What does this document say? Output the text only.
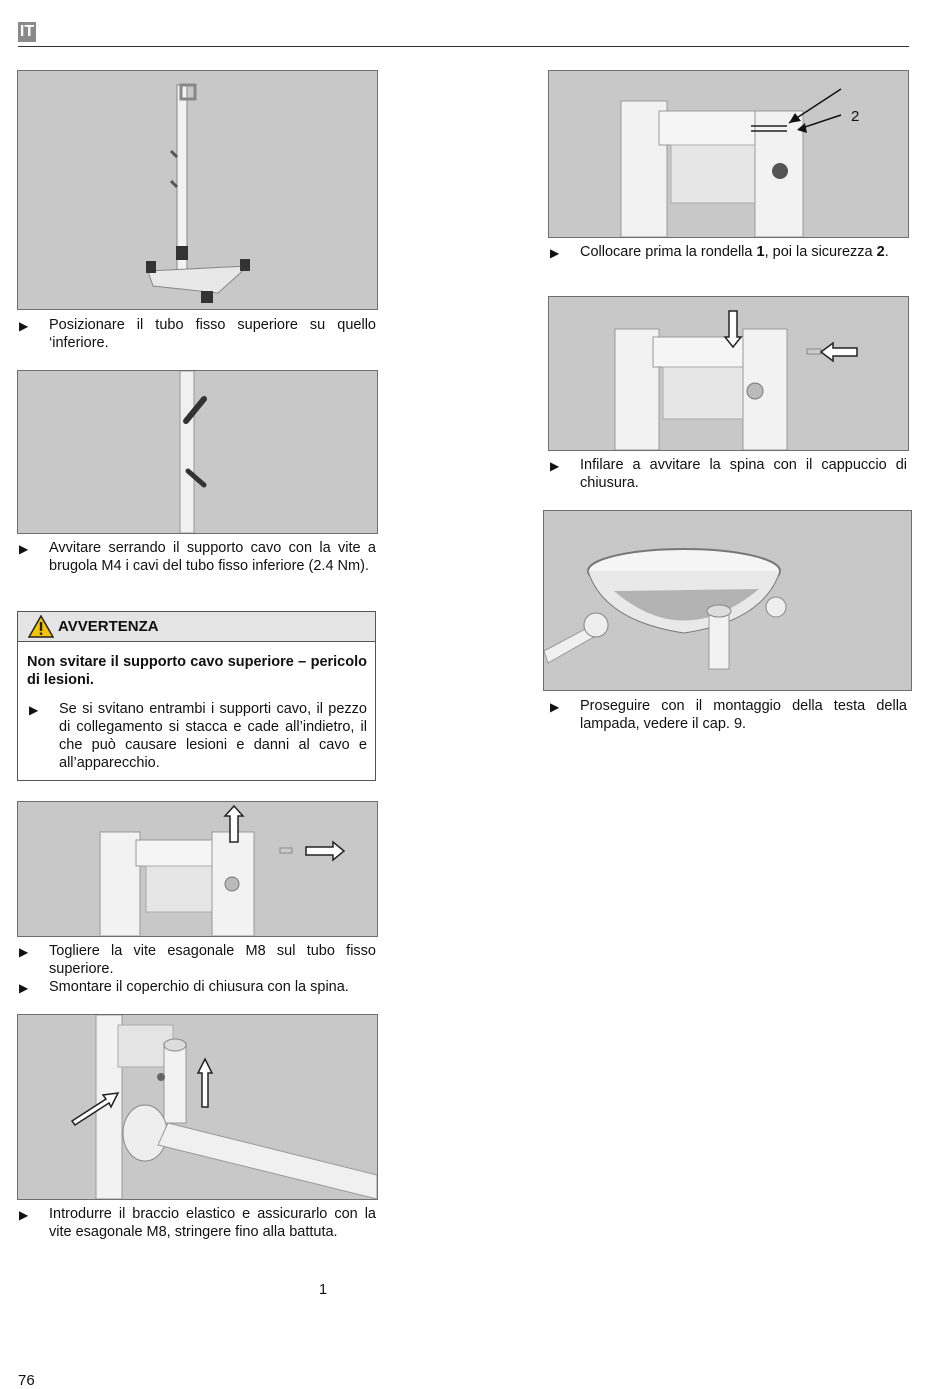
IT
▶ Posizionare il tubo fisso superiore su quello ‘inferiore.
▶ Avvitare serrando il supporto cavo con la vite a brugola M4 i cavi del tubo fisso inferiore (2.4 Nm).
AVVERTENZA
Non svitare il supporto cavo superiore – pericolo di lesioni.
▶ Se si svitano entrambi i supporti cavo, il pezzo di collegamento si stacca e cade all’indietro, il che può causare lesioni e danni al cavo e all’apparecchio.
▶ Togliere la vite esagonale M8 sul tubo fisso superiore.
▶ Smontare il coperchio di chiusura con la spina.
▶ Introdurre il braccio elastico e assicurarlo con la vite esagonale M8, stringere fino alla battuta.
1
2
▶ Collocare prima la rondella 1, poi la sicurezza 2.
▶ Infilare a avvitare la spina con il cappuccio di chiusura.
▶ Proseguire con il montaggio della testa della lampada, vedere il cap. 9.
76
